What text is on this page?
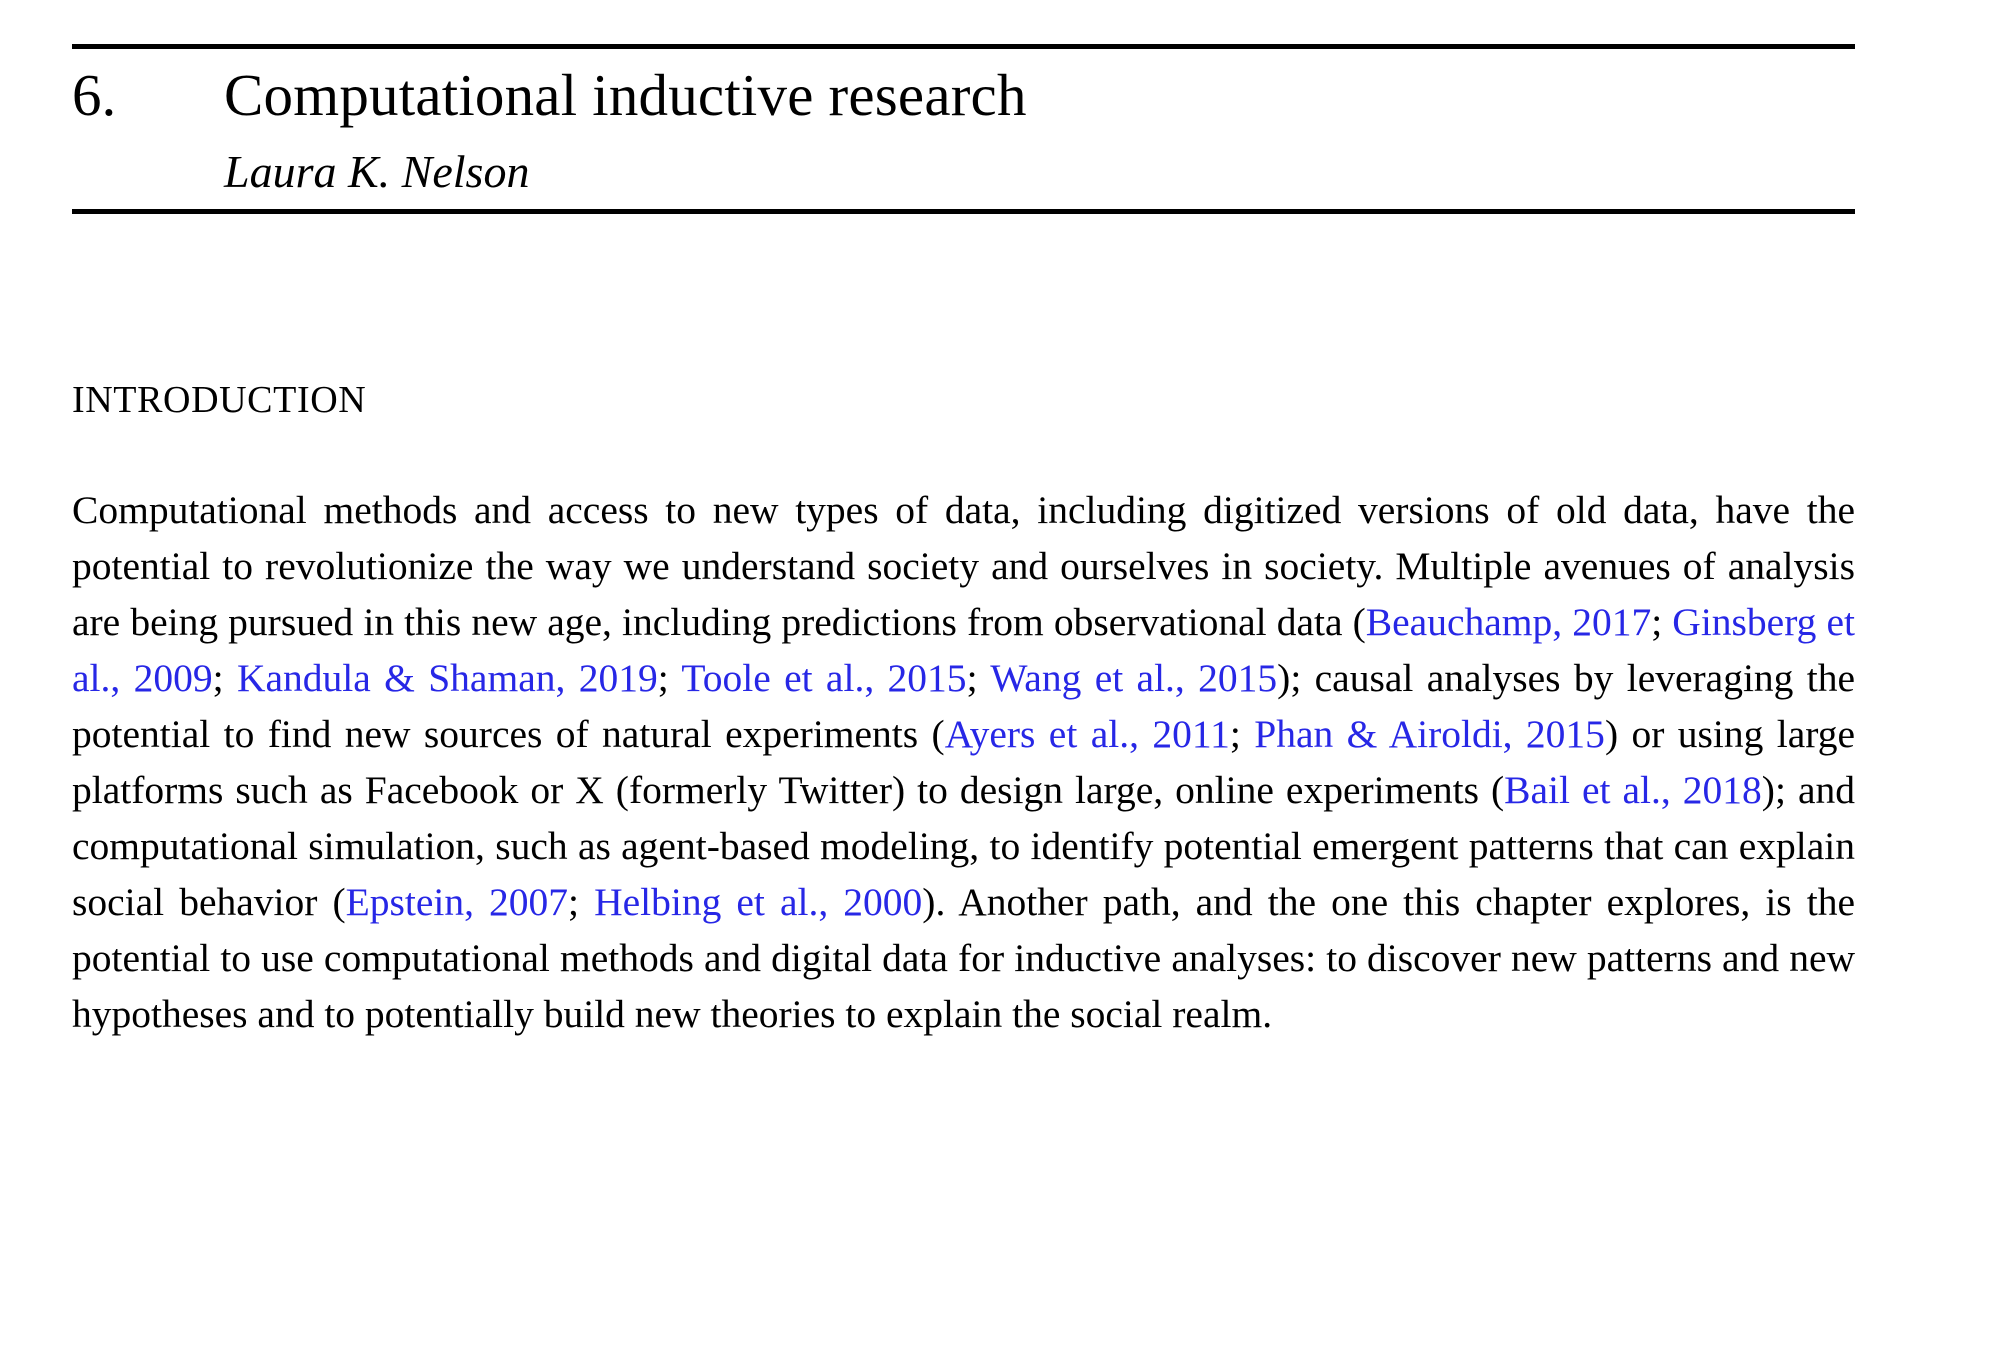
6.	Computational inductive research
Laura K. Nelson
INTRODUCTION

Computational methods and access to new types of data, including digitized versions of old data, have the potential to revolutionize the way we understand society and ourselves in society. Multiple avenues of analysis are being pursued in this new age, including predictions from observational data (Beauchamp, 2017; Ginsberg et al., 2009; Kandula & Shaman, 2019; Toole et al., 2015; Wang et al., 2015); causal analyses by leveraging the potential to find new sources of natural experiments (Ayers et al., 2011; Phan & Airoldi, 2015) or using large platforms such as Facebook or X (formerly Twitter) to design large, online experiments (Bail et al., 2018); and computational simulation, such as agent-based modeling, to identify potential emergent patterns that can explain social behavior (Epstein, 2007; Helbing et al., 2000). Another path, and the one this chapter explores, is the potential to use computational methods and digital data for inductive analyses: to discover new patterns and new hypotheses and to potentially build new theories to explain the social realm.
